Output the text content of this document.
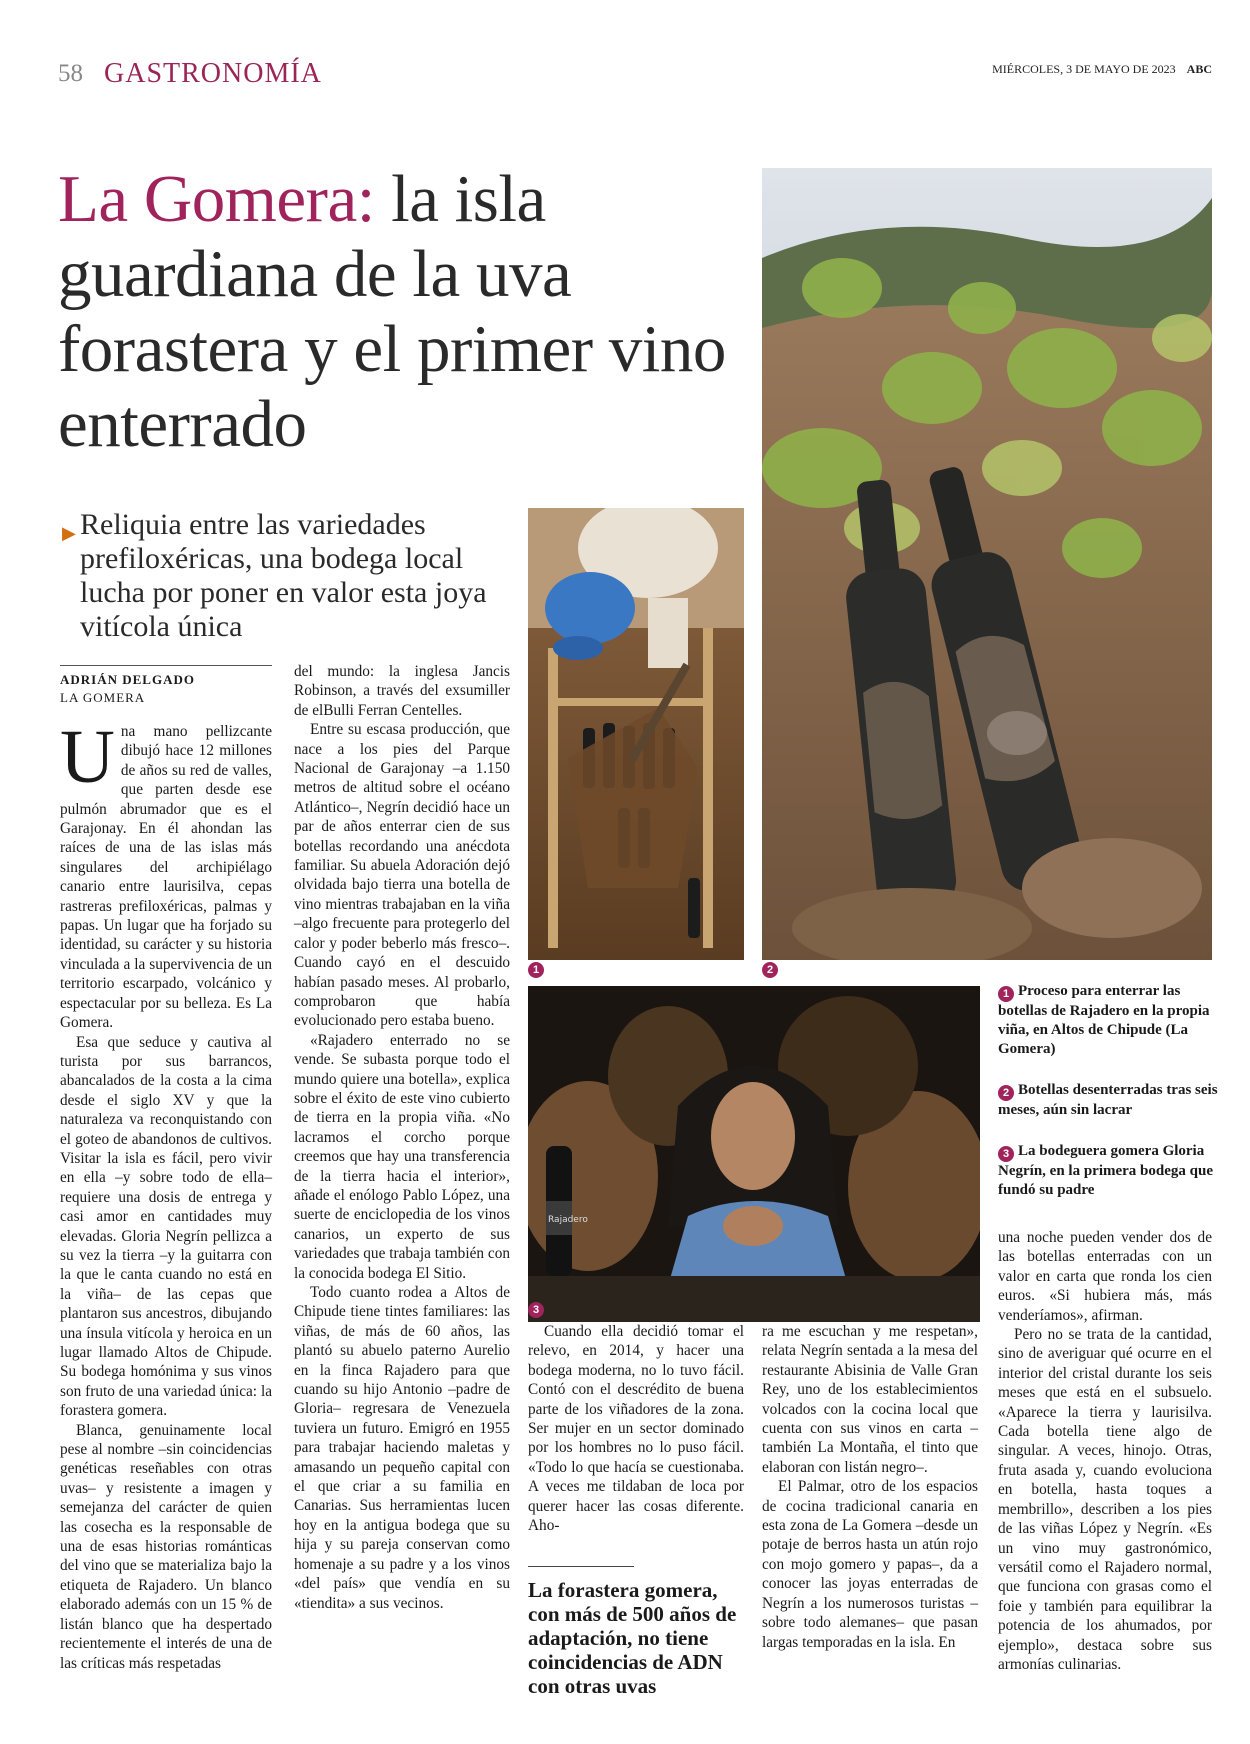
58 GASTRONOMÍA	MIÉRCOLES, 3 DE MAYO DE 2023 ABC
La Gomera: la isla guardiana de la uva forastera y el primer vino enterrado
▶ Reliquia entre las variedades prefiloxéricas, una bodega local lucha por poner en valor esta joya vitícola única
ADRIÁN DELGADO
LA GOMERA
1	2
Rajadero
3
1 Proceso para enterrar las botellas de Rajadero en la propia viña, en Altos de Chipude (La Gomera)
2 Botellas desenterradas tras seis meses, aún sin lacrar
3 La bodeguera gomera Gloria Negrín, en la primera bodega que fundó su padre

Una mano pellizcante dibujó hace 12 millones de años su red de valles, que parten desde ese pulmón abrumador que es el Garajonay. En él ahondan las raíces de una de las islas más singulares del archipiélago canario entre laurisilva, cepas rastreras prefiloxéricas, palmas y papas. Un lugar que ha forjado su identidad, su carácter y su historia vinculada a la supervivencia de un territorio escarpado, volcánico y espectacular por su belleza. Es La Gomera.

Esa que seduce y cautiva al turista por sus barrancos, abancalados de la costa a la cima desde el siglo XV y que la naturaleza va reconquistando con el goteo de abandonos de cultivos. Visitar la isla es fácil, pero vivir en ella –y sobre todo de ella– requiere una dosis de entrega y casi amor en cantidades muy elevadas. Gloria Negrín pellizca a su vez la tierra –y la guitarra con la que le canta cuando no está en la viña– de las cepas que plantaron sus ancestros, dibujando una ínsula vitícola y heroica en un lugar llamado Altos de Chipude. Su bodega homónima y sus vinos son fruto de una variedad única: la forastera gomera.

Blanca, genuinamente local pese al nombre –sin coincidencias genéticas reseñables con otras uvas– y resistente a imagen y semejanza del carácter de quien las cosecha es la responsable de una de esas historias románticas del vino que se materializa bajo la etiqueta de Rajadero. Un blanco elaborado además con un 15 % de listán blanco que ha despertado recientemente el interés de una de las críticas más respetadas

del mundo: la inglesa Jancis Robinson, a través del exsumiller de elBulli Ferran Centelles.

Entre su escasa producción, que nace a los pies del Parque Nacional de Garajonay –a 1.150 metros de altitud sobre el océano Atlántico–, Negrín decidió hace un par de años enterrar cien de sus botellas recordando una anécdota familiar. Su abuela Adoración dejó olvidada bajo tierra una botella de vino mientras trabajaban en la viña –algo frecuente para protegerlo del calor y poder beberlo más fresco–. Cuando cayó en el descuido habían pasado meses. Al probarlo, comprobaron que había evolucionado pero estaba bueno.

«Rajadero enterrado no se vende. Se subasta porque todo el mundo quiere una botella», explica sobre el éxito de este vino cubierto de tierra en la propia viña. «No lacramos el corcho porque creemos que hay una transferencia de la tierra hacia el interior», añade el enólogo Pablo López, una suerte de enciclopedia de los vinos canarios, un experto de sus variedades que trabaja también con la conocida bodega El Sitio.

Todo cuanto rodea a Altos de Chipude tiene tintes familiares: las viñas, de más de 60 años, las plantó su abuelo paterno Aurelio en la finca Rajadero para que cuando su hijo Antonio –padre de Gloria– regresara de Venezuela tuviera un futuro. Emigró en 1955 para trabajar haciendo maletas y amasando un pequeño capital con el que criar a su familia en Canarias. Sus herramientas lucen hoy en la antigua bodega que su hija y su pareja conservan como homenaje a su padre y a los vinos «del país» que vendía en su «tiendita» a sus vecinos.

Cuando ella decidió tomar el relevo, en 2014, y hacer una bodega moderna, no lo tuvo fácil. Contó con el descrédito de buena parte de los viñadores de la zona. Ser mujer en un sector dominado por los hombres no lo puso fácil. «Todo lo que hacía se cuestionaba. A veces me tildaban de loca por querer hacer las cosas diferente. Aho-

La forastera gomera, con más de 500 años de adaptación, no tiene coincidencias de ADN con otras uvas

ra me escuchan y me respetan», relata Negrín sentada a la mesa del restaurante Abisinia de Valle Gran Rey, uno de los establecimientos volcados con la cocina local que cuenta con sus vinos en carta –también La Montaña, el tinto que elaboran con listán negro–.

El Palmar, otro de los espacios de cocina tradicional canaria en esta zona de La Gomera –desde un potaje de berros hasta un atún rojo con mojo gomero y papas–, da a conocer las joyas enterradas de Negrín a los numerosos turistas –sobre todo alemanes– que pasan largas temporadas en la isla. En

una noche pueden vender dos de las botellas enterradas con un valor en carta que ronda los cien euros. «Si hubiera más, más venderíamos», afirman.

Pero no se trata de la cantidad, sino de averiguar qué ocurre en el interior del cristal durante los seis meses que está en el subsuelo. «Aparece la tierra y laurisilva. Cada botella tiene algo de singular. A veces, hinojo. Otras, fruta asada y, cuando evoluciona en botella, hasta toques a membrillo», describen a los pies de las viñas López y Negrín. «Es un vino muy gastronómico, versátil como el Rajadero normal, que funciona con grasas como el foie y también para equilibrar la potencia de los ahumados, por ejemplo», destaca sobre sus armonías culinarias.
